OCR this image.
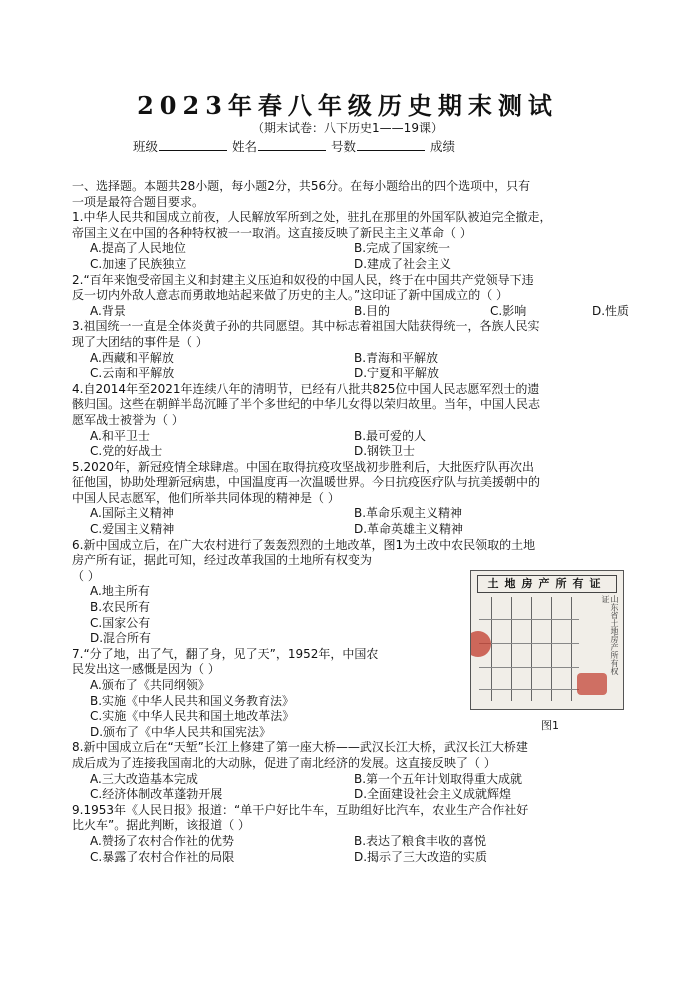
2023年春八年级历史期末测试
（期末试卷：八下历史1——19课）
班级	姓名	号数	成绩
一、选择题。本题共28小题，每小题2分，共56分。在每小题给出的四个选项中，只有
一项是最符合题目要求。
1.中华人民共和国成立前夜，人民解放军所到之处，驻扎在那里的外国军队被迫完全撤走，
帝国主义在中国的各种特权被一一取消。这直接反映了新民主主义革命（ ）
A.提高了人民地位	B.完成了国家统一
C.加速了民族独立	D.建成了社会主义
2.“百年来饱受帝国主义和封建主义压迫和奴役的中国人民，终于在中国共产党领导下违
反一切内外敌人意志而勇敢地站起来做了历史的主人。”这印证了新中国成立的（ ）
A.背景	B.目的	C.影响	D.性质
3.祖国统一一直是全体炎黄子孙的共同愿望。其中标志着祖国大陆获得统一，各族人民实
现了大团结的事件是（ ）
A.西藏和平解放	B.青海和平解放
C.云南和平解放	D.宁夏和平解放
4.自2014年至2021年连续八年的清明节，已经有八批共825位中国人民志愿军烈士的遗
骸归国。这些在朝鲜半岛沉睡了半个多世纪的中华儿女得以荣归故里。当年，中国人民志
愿军战士被誉为（ ）
A.和平卫士	B.最可爱的人
C.党的好战士	D.钢铁卫士
5.2020年，新冠疫情全球肆虐。中国在取得抗疫攻坚战初步胜利后，大批医疗队再次出
征他国，协助处理新冠病患，中国温度再一次温暖世界。今日抗疫医疗队与抗美援朝中的
中国人民志愿军，他们所举共同体现的精神是（ ）
A.国际主义精神	B.革命乐观主义精神
C.爱国主义精神	D.革命英雄主义精神
6.新中国成立后，在广大农村进行了轰轰烈烈的土地改革，图1为土改中农民领取的土地
房产所有证，据此可知，经过改革我国的土地所有权变为
（ ）
A.地主所有
B.农民所有
C.国家公有
D.混合所有
7.“分了地，出了气，翻了身，见了天”，1952年，中国农
民发出这一感慨是因为（ ）
A.颁布了《共同纲领》
B.实施《中华人民共和国义务教育法》
C.实施《中华人民共和国土地改革法》
D.颁布了《中华人民共和国宪法》
8.新中国成立后在“天堑”长江上修建了第一座大桥——武汉长江大桥，武汉长江大桥建
成后成为了连接我国南北的大动脉，促进了南北经济的发展。这直接反映了（ ）
A.三大改造基本完成	B.第一个五年计划取得重大成就
C.经济体制改革蓬勃开展	D.全面建设社会主义成就辉煌
9.1953年《人民日报》报道：“单干户好比牛车，互助组好比汽车，农业生产合作社好
比火车”。据此判断，该报道（ ）
A.赞扬了农村合作社的优势	B.表达了粮食丰收的喜悦
C.暴露了农村合作社的局限	D.揭示了三大改造的实质
土地房产所有证
山东省土地房产所有权证
图1
